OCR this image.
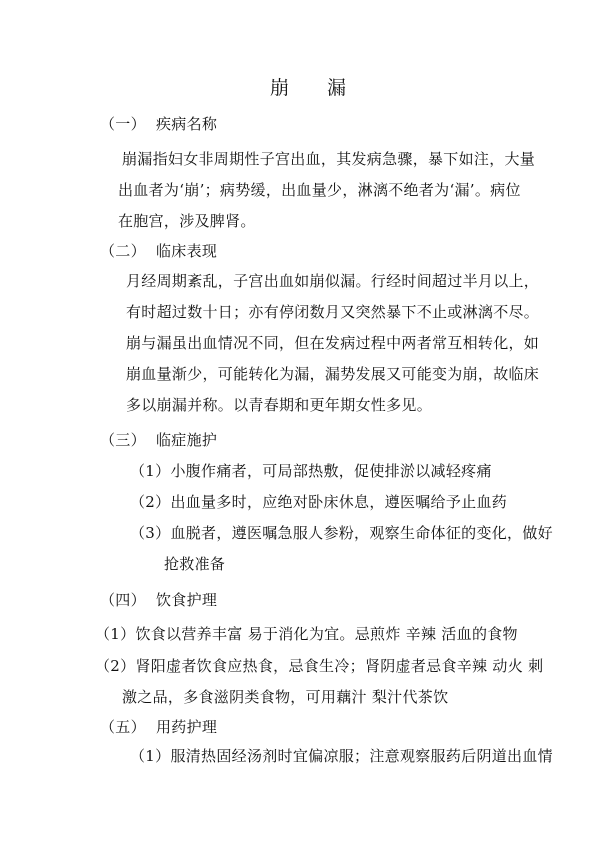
崩　　漏
（一） 疾病名称
崩漏指妇女非周期性子宫出血，其发病急骤，暴下如注，大量
出血者为‘崩’；病势缓，出血量少，淋漓不绝者为‘漏’。病位
在胞宫，涉及脾肾。
（二） 临床表现
月经周期紊乱，子宫出血如崩似漏。行经时间超过半月以上，
有时超过数十日；亦有停闭数月又突然暴下不止或淋漓不尽。
崩与漏虽出血情况不同，但在发病过程中两者常互相转化，如
崩血量渐少，可能转化为漏，漏势发展又可能变为崩，故临床
多以崩漏并称。以青春期和更年期女性多见。
（三） 临症施护
（1）小腹作痛者，可局部热敷，促使排淤以减轻疼痛
（2）出血量多时，应绝对卧床休息，遵医嘱给予止血药
（3）血脱者，遵医嘱急服人参粉，观察生命体征的变化，做好
抢救准备
（四） 饮食护理
（1）饮食以营养丰富 易于消化为宜。忌煎炸 辛辣 活血的食物
（2）肾阳虚者饮食应热食，忌食生冷；肾阴虚者忌食辛辣 动火 刺
激之品，多食滋阴类食物，可用藕汁 梨汁代茶饮
（五） 用药护理
（1）服清热固经汤剂时宜偏凉服；注意观察服药后阴道出血情
